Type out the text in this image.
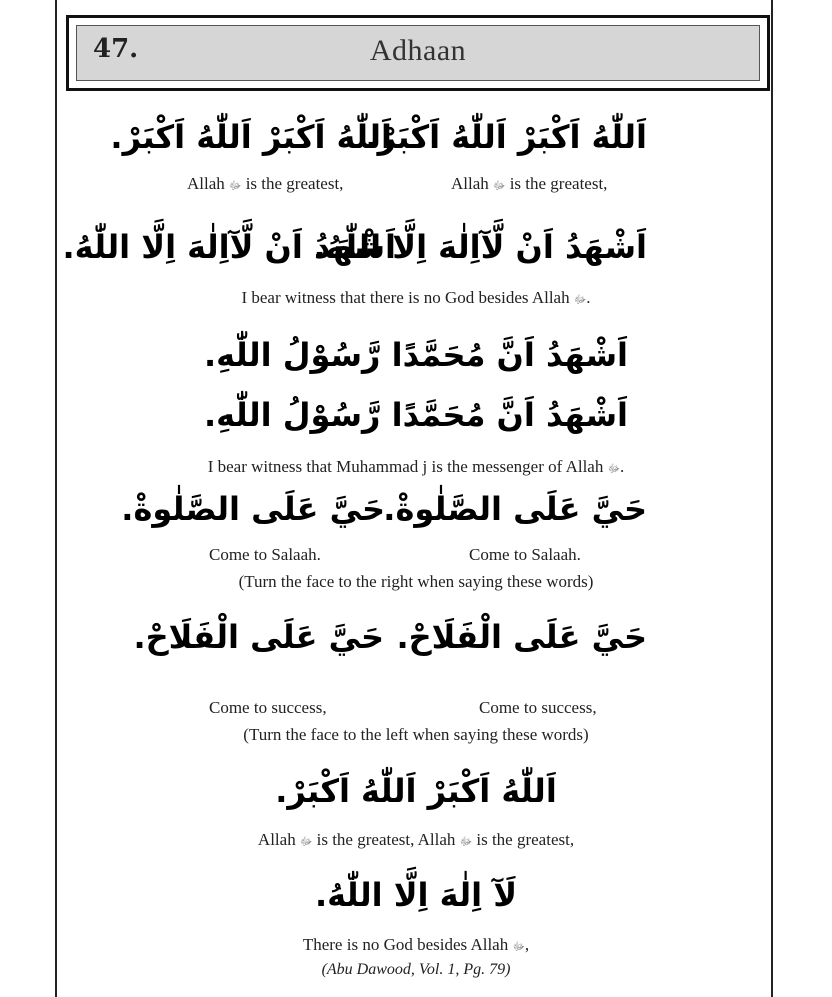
47.	Adhaan
اَللّٰهُ اَكْبَرْ اَللّٰهُ اَكْبَرْ.
اَللّٰهُ اَكْبَرْ اَللّٰهُ اَكْبَرْ.
Allah ﷻ is the greatest,	Allah ﷻ is the greatest,
اَشْهَدُ اَنْ لَّآاِلٰهَ اِلَّا اللّٰهُ.
اَشْهَدُ اَنْ لَّآاِلٰهَ اِلَّا اللّٰهُ.
I bear witness that there is no God besides Allah ﷻ.
اَشْهَدُ اَنَّ مُحَمَّدًا رَّسُوْلُ اللّٰهِ.
اَشْهَدُ اَنَّ مُحَمَّدًا رَّسُوْلُ اللّٰهِ.
I bear witness that Muhammad j is the messenger of Allah ﷻ.
حَيَّ عَلَى الصَّلٰوةْ.
حَيَّ عَلَى الصَّلٰوةْ.
Come to Salaah.	Come to Salaah.
(Turn the face to the right when saying these words)
حَيَّ عَلَى الْفَلَاحْ.
حَيَّ عَلَى الْفَلَاحْ.
Come to success,	Come to success,
(Turn the face to the left when saying these words)
اَللّٰهُ اَكْبَرْ اَللّٰهُ اَكْبَرْ.
Allah ﷻ is the greatest, Allah ﷻ is the greatest,
لَآ اِلٰهَ اِلَّا اللّٰهُ.
There is no God besides Allah ﷻ,
(Abu Dawood, Vol. 1, Pg. 79)
